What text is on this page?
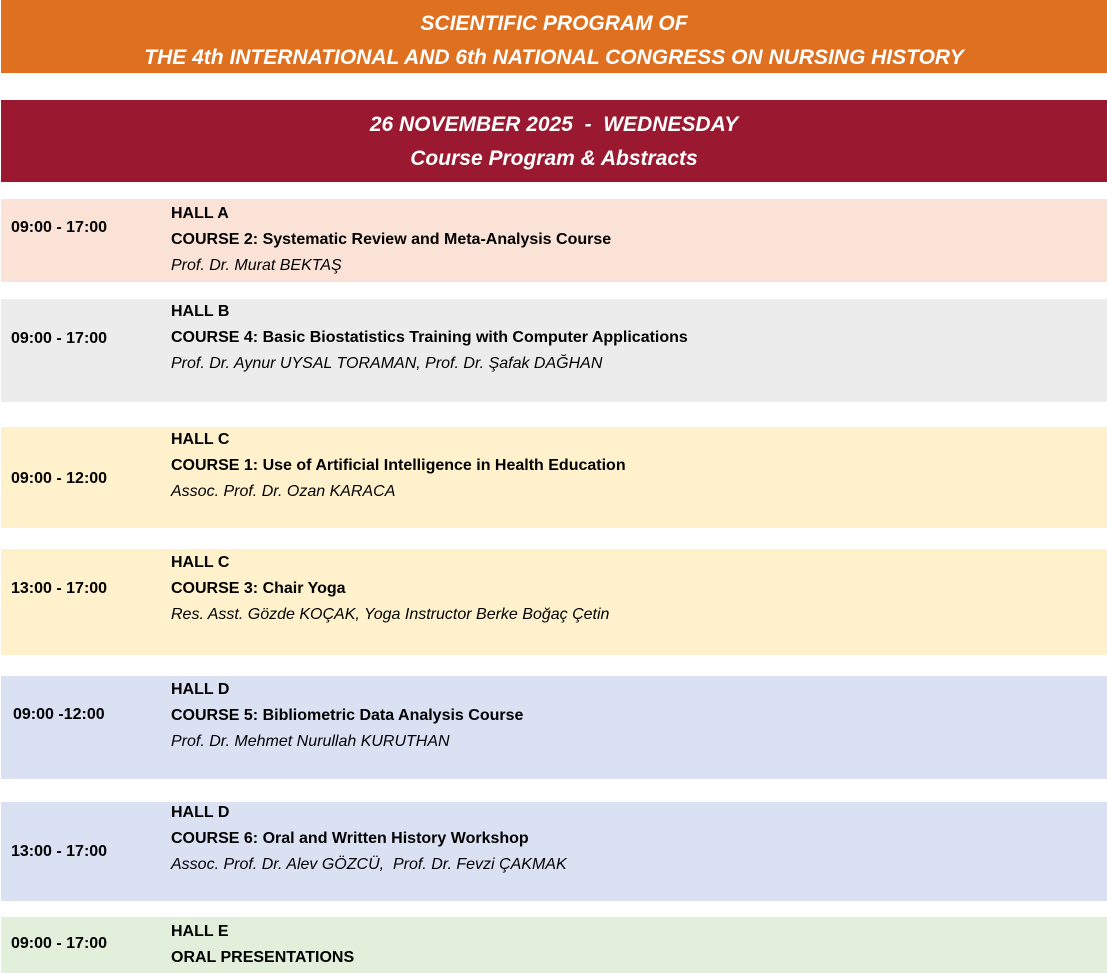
SCIENTIFIC PROGRAM OF
THE 4th INTERNATIONAL AND 6th NATIONAL CONGRESS ON NURSING HISTORY
26 NOVEMBER 2025  -  WEDNESDAY
Course Program & Abstracts
09:00 - 17:00
HALL A
COURSE 2: Systematic Review and Meta-Analysis Course
Prof. Dr. Murat BEKTAŞ
09:00 - 17:00
HALL B
COURSE 4: Basic Biostatistics Training with Computer Applications
Prof. Dr. Aynur UYSAL TORAMAN, Prof. Dr. Şafak DAĞHAN
09:00 - 12:00
HALL C
COURSE 1: Use of Artificial Intelligence in Health Education
Assoc. Prof. Dr. Ozan KARACA
13:00 - 17:00
HALL C
COURSE 3: Chair Yoga
Res. Asst. Gözde KOÇAK, Yoga Instructor Berke Boğaç Çetin
09:00 -12:00
HALL D
COURSE 5: Bibliometric Data Analysis Course
Prof. Dr. Mehmet Nurullah KURUTHAN
13:00 - 17:00
HALL D
COURSE 6: Oral and Written History Workshop
Assoc. Prof. Dr. Alev GÖZCÜ,  Prof. Dr. Fevzi ÇAKMAK
09:00 - 17:00
HALL E
ORAL PRESENTATIONS
